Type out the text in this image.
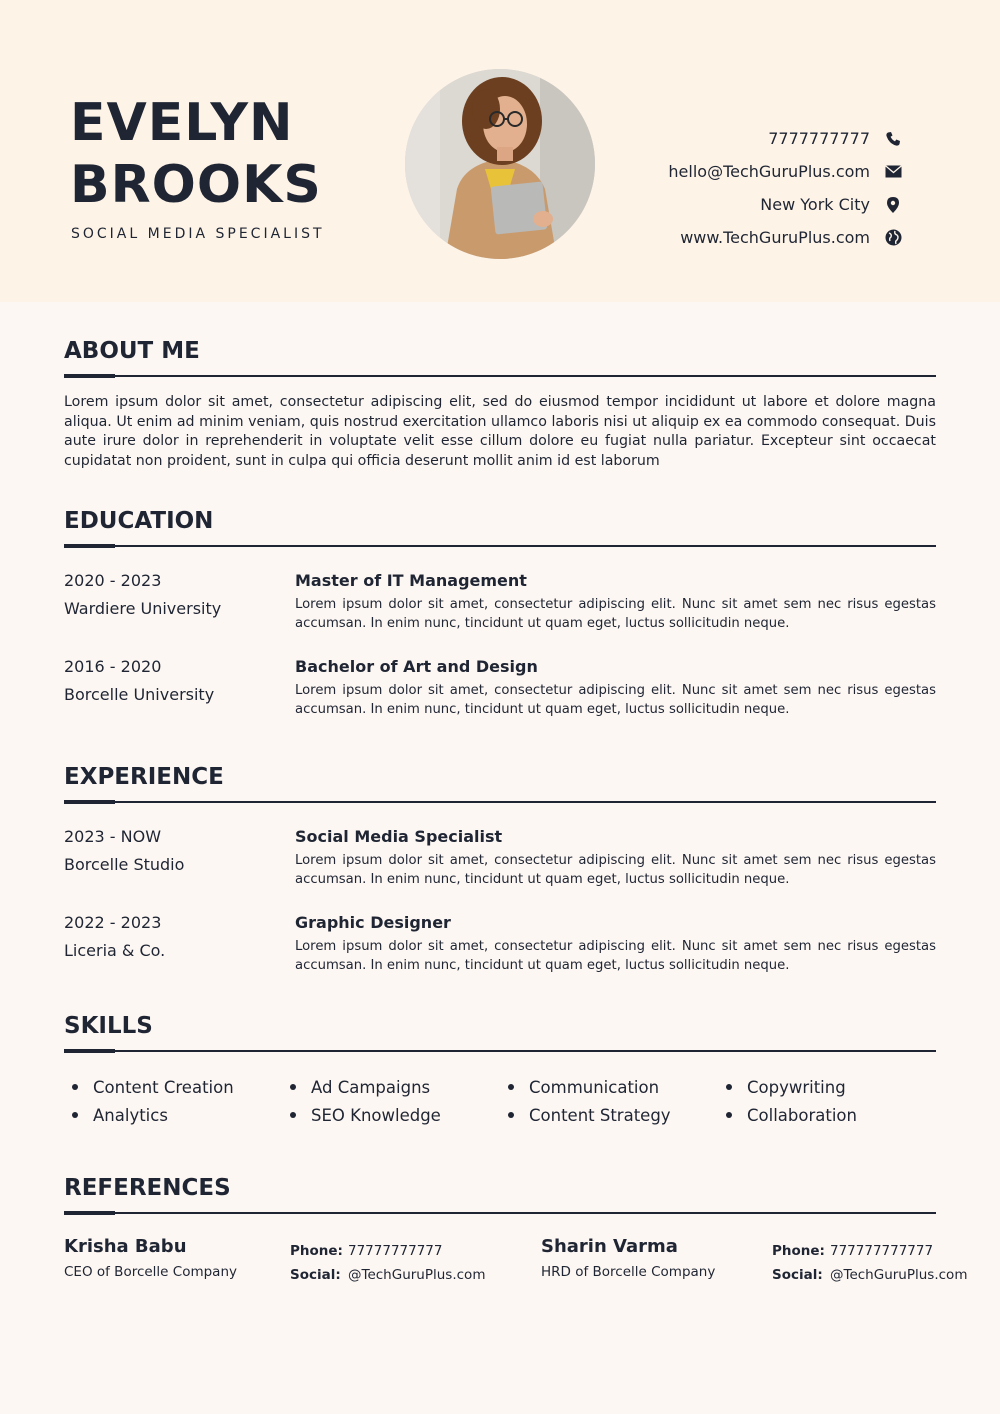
EVELYN
BROOKS
SOCIAL MEDIA SPECIALIST
7777777777
hello@TechGuruPlus.com
New York City
www.TechGuruPlus.com
ABOUT ME
Lorem ipsum dolor sit amet, consectetur adipiscing elit, sed do eiusmod tempor incididunt ut labore et dolore magna aliqua. Ut enim ad minim veniam, quis nostrud exercitation ullamco laboris nisi ut aliquip ex ea commodo consequat. Duis aute irure dolor in reprehenderit in voluptate velit esse cillum dolore eu fugiat nulla pariatur. Excepteur sint occaecat cupidatat non proident, sunt in culpa qui officia deserunt mollit anim id est laborum
EDUCATION
2020 - 2023
Wardiere University
Master of IT Management
Lorem ipsum dolor sit amet, consectetur adipiscing elit. Nunc sit amet sem nec risus egestas accumsan. In enim nunc, tincidunt ut quam eget, luctus sollicitudin neque.
2016 - 2020
Borcelle University
Bachelor of Art and Design
Lorem ipsum dolor sit amet, consectetur adipiscing elit. Nunc sit amet sem nec risus egestas accumsan. In enim nunc, tincidunt ut quam eget, luctus sollicitudin neque.
EXPERIENCE
2023 - NOW
Borcelle Studio
Social Media Specialist
Lorem ipsum dolor sit amet, consectetur adipiscing elit. Nunc sit amet sem nec risus egestas accumsan. In enim nunc, tincidunt ut quam eget, luctus sollicitudin neque.
2022 - 2023
Liceria & Co.
Graphic Designer
Lorem ipsum dolor sit amet, consectetur adipiscing elit. Nunc sit amet sem nec risus egestas accumsan. In enim nunc, tincidunt ut quam eget, luctus sollicitudin neque.
SKILLS
Content Creation
Analytics
Ad Campaigns
SEO Knowledge
Communication
Content Strategy
Copywriting
Collaboration
REFERENCES
Krisha Babu
CEO of Borcelle Company
Phone: 77777777777
Social: @TechGuruPlus.com
Sharin Varma
HRD of Borcelle Company
Phone: 777777777777
Social: @TechGuruPlus.com
